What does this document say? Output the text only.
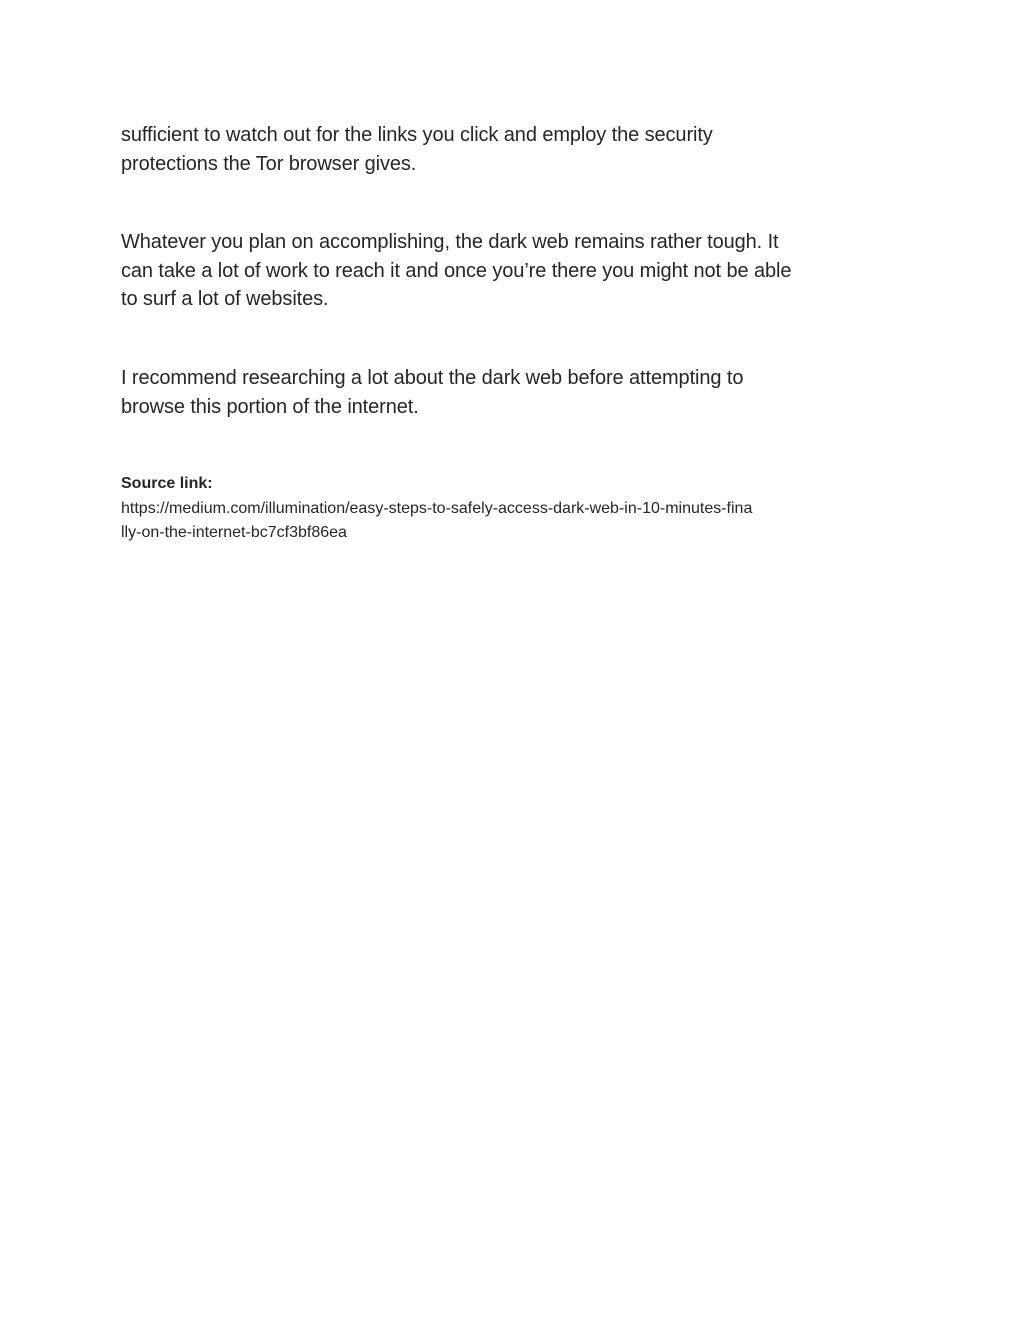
sufficient to watch out for the links you click and employ the security
protections the Tor browser gives.

Whatever you plan on accomplishing, the dark web remains rather tough. It
can take a lot of work to reach it and once you’re there you might not be able
to surf a lot of websites.

I recommend researching a lot about the dark web before attempting to
browse this portion of the internet.

Source link:
https://medium.com/illumination/easy-steps-to-safely-access-dark-web-in-10-minutes-fina
lly-on-the-internet-bc7cf3bf86ea
